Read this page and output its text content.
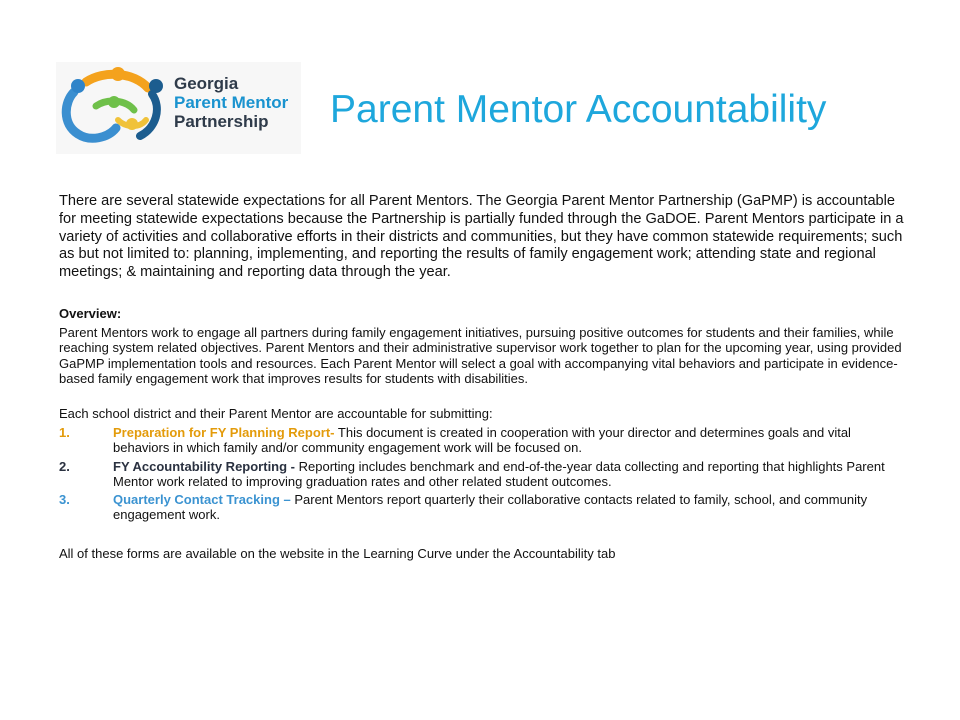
Georgia
Parent Mentor
Partnership	Parent Mentor Accountability

There are several statewide expectations for all Parent Mentors. The Georgia Parent Mentor Partnership (GaPMP) is accountable for meeting statewide expectations because the Partnership is partially funded through the GaDOE. Parent Mentors participate in a variety of activities and collaborative efforts in their districts and communities, but they have common statewide requirements; such as but not limited to: planning, implementing, and reporting the results of family engagement work; attending state and regional meetings; & maintaining and reporting data through the year.

Overview:

Parent Mentors work to engage all partners during family engagement initiatives, pursuing positive outcomes for students and their families, while reaching system related objectives. Parent Mentors and their administrative supervisor work together to plan for the upcoming year, using provided GaPMP implementation tools and resources. Each Parent Mentor will select a goal with accompanying vital behaviors and participate in evidence-based family engagement work that improves results for students with disabilities.

Each school district and their Parent Mentor are accountable for submitting:

1.	Preparation for FY Planning Report- This document is created in cooperation with your director and determines goals and vital behaviors in which family and/or community engagement work will be focused on.
2.	FY Accountability Reporting - Reporting includes benchmark and end-of-the-year data collecting and reporting that highlights Parent Mentor work related to improving graduation rates and other related student outcomes.
3.	Quarterly Contact Tracking – Parent Mentors report quarterly their collaborative contacts related to family, school, and community engagement work.

All of these forms are available on the website in the Learning Curve under the Accountability tab
